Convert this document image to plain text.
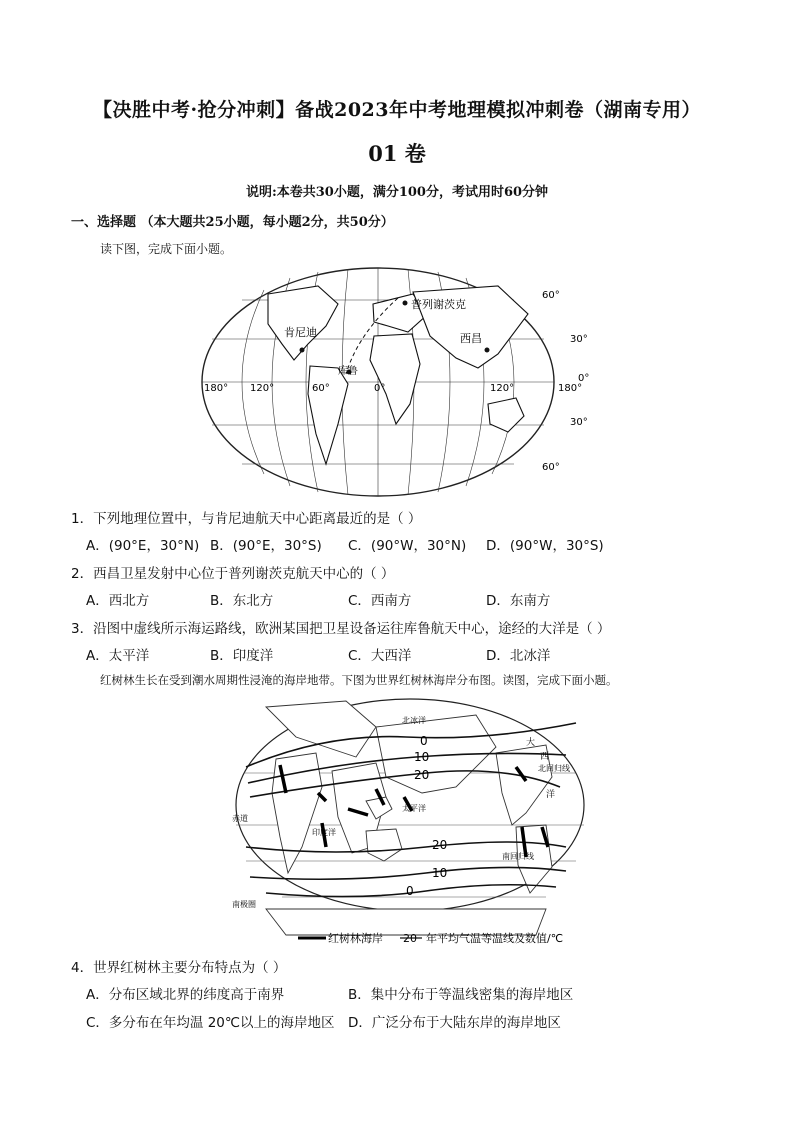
【决胜中考·抢分冲刺】备战2023年中考地理模拟冲刺卷（湖南专用）
01 卷
说明:本卷共30小题，满分100分，考试用时60分钟
一、选择题 （本大题共25小题，每小题2分，共50分）
读下图，完成下面小题。
普列谢茨克
肯尼迪	西昌
库鲁
60°
30°
0°
30°
60°
180° 120°	60°	0°	120°	180°
1．下列地理位置中，与肯尼迪航天中心距离最近的是（ ）
A．(90°E，30°N) B．(90°E，30°S) C．(90°W，30°N) D．(90°W，30°S)
2．西昌卫星发射中心位于普列谢茨克航天中心的（ ）
A．西北方	B．东北方	C．西南方	D．东南方
3．沿图中虚线所示海运路线，欧洲某国把卫星设备运往库鲁航天中心，途经的大洋是（ ）
A．太平洋	B．印度洋	C．大西洋	D．北冰洋
红树林生长在受到潮水周期性浸淹的海岸地带。下图为世界红树林海岸分布图。读图，完成下面小题。
北冰洋
太平洋
印度洋
赤道
北回归线
南回归线
南极圈
大
西
洋
0
10
20
20
10
0
红树林海岸 20 年平均气温等温线及数值/℃
4．世界红树林主要分布特点为（ ）
A．分布区域北界的纬度高于南界	B．集中分布于等温线密集的海岸地区
C．多分布在年均温 20℃以上的海岸地区 D．广泛分布于大陆东岸的海岸地区
